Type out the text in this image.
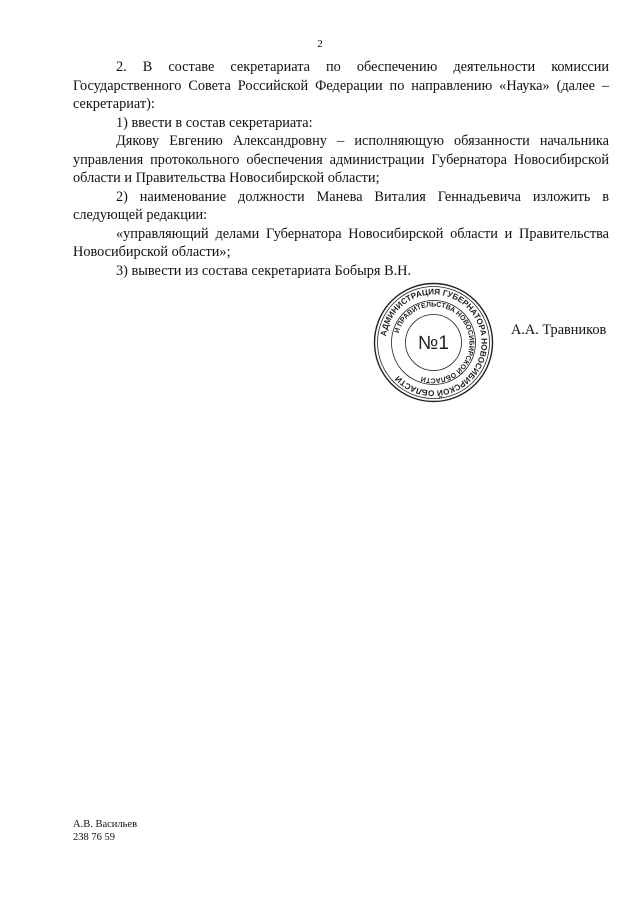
2

2. В составе секретариата по обеспечению деятельности комиссии Государственного Совета Российской Федерации по направлению «Наука» (далее – секретариат):

1) ввести в состав секретариата:

Дякову Евгению Александровну – исполняющую обязанности начальника управления протокольного обеспечения администрации Губернатора Новосибирской области и Правительства Новосибирской области;

2) наименование должности Манева Виталия Геннадьевича изложить в следующей редакции:

«управляющий делами Губернатора Новосибирской области и Правительства Новосибирской области»;

3) вывести из состава секретариата Бобыря В.Н.

АДМИНИСТРАЦИЯ ГУБЕРНАТОРА НОВОСИБИРСКОЙ ОБЛАСТИ
И ПРАВИТЕЛЬСТВА НОВОСИБИРСКОЙ ОБЛАСТИ
№1
А.А. Травников
А.В. Васильев
238 76 59
